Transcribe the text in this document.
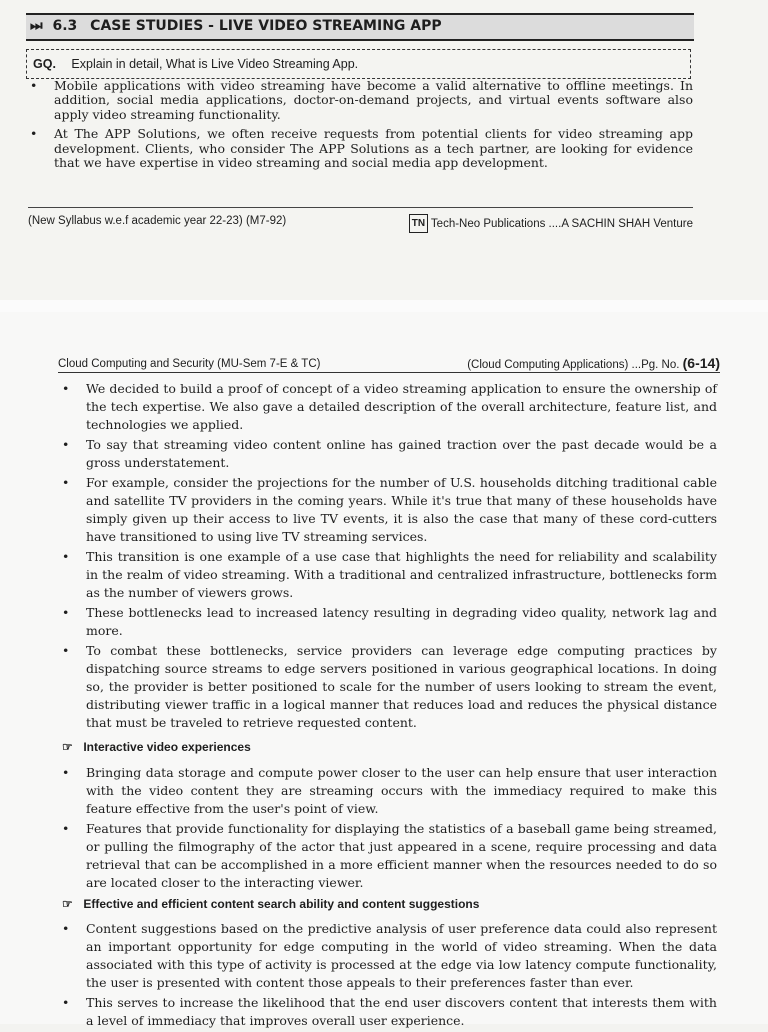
⏭ 6.3 CASE STUDIES - LIVE VIDEO STREAMING APP
GQ. Explain in detail, What is Live Video Streaming App.
• Mobile applications with video streaming have become a valid alternative to offline meetings. In addition, social media applications, doctor-on-demand projects, and virtual events software also apply video streaming functionality.
• At The APP Solutions, we often receive requests from potential clients for video streaming app development. Clients, who consider The APP Solutions as a tech partner, are looking for evidence that we have expertise in video streaming and social media app development.
(New Syllabus w.e.f academic year 22-23) (M7-92)	TN Tech-Neo Publications ....A SACHIN SHAH Venture
Cloud Computing and Security (MU-Sem 7-E & TC)	(Cloud Computing Applications) ...Pg. No. (6-14)
• We decided to build a proof of concept of a video streaming application to ensure the ownership of the tech expertise. We also gave a detailed description of the overall architecture, feature list, and technologies we applied.
• To say that streaming video content online has gained traction over the past decade would be a gross understatement.
• For example, consider the projections for the number of U.S. households ditching traditional cable and satellite TV providers in the coming years. While it's true that many of these households have simply given up their access to live TV events, it is also the case that many of these cord-cutters have transitioned to using live TV streaming services.
• This transition is one example of a use case that highlights the need for reliability and scalability in the realm of video streaming. With a traditional and centralized infrastructure, bottlenecks form as the number of viewers grows.
• These bottlenecks lead to increased latency resulting in degrading video quality, network lag and more.
• To combat these bottlenecks, service providers can leverage edge computing practices by dispatching source streams to edge servers positioned in various geographical locations. In doing so, the provider is better positioned to scale for the number of users looking to stream the event, distributing viewer traffic in a logical manner that reduces load and reduces the physical distance that must be traveled to retrieve requested content.
☞ Interactive video experiences
• Bringing data storage and compute power closer to the user can help ensure that user interaction with the video content they are streaming occurs with the immediacy required to make this feature effective from the user's point of view.
• Features that provide functionality for displaying the statistics of a baseball game being streamed, or pulling the filmography of the actor that just appeared in a scene, require processing and data retrieval that can be accomplished in a more efficient manner when the resources needed to do so are located closer to the interacting viewer.
☞ Effective and efficient content search ability and content suggestions
• Content suggestions based on the predictive analysis of user preference data could also represent an important opportunity for edge computing in the world of video streaming. When the data associated with this type of activity is processed at the edge via low latency compute functionality, the user is presented with content those appeals to their preferences faster than ever.
• This serves to increase the likelihood that the end user discovers content that interests them with a level of immediacy that improves overall user experience.
